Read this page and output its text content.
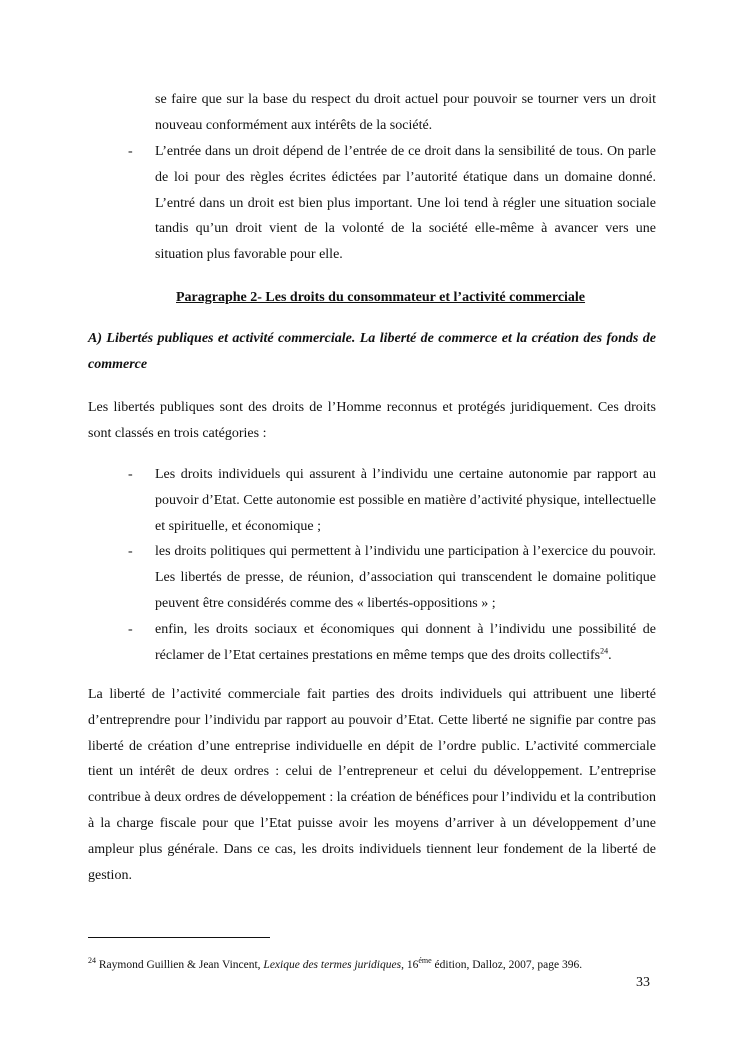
se faire que sur la base du respect du droit actuel pour pouvoir se tourner vers un droit nouveau conformément aux intérêts de la société.

- L’entrée dans un droit dépend de l’entrée de ce droit dans la sensibilité de tous. On parle de loi pour des règles écrites édictées par l’autorité étatique dans un domaine donné. L’entré dans un droit est bien plus important. Une loi tend à régler une situation sociale tandis qu’un droit vient de la volonté de la société elle-même à avancer vers une situation plus favorable pour elle.

Paragraphe 2- Les droits du consommateur et l’activité commerciale

A) Libertés publiques et activité commerciale. La liberté de commerce et la création des fonds de commerce

Les libertés publiques sont des droits de l’Homme reconnus et protégés juridiquement. Ces droits sont classés en trois catégories :

- Les droits individuels qui assurent à l’individu une certaine autonomie par rapport au pouvoir d’Etat. Cette autonomie est possible en matière d’activité physique, intellectuelle et spirituelle, et économique ;

- les droits politiques qui permettent à l’individu une participation à l’exercice du pouvoir. Les libertés de presse, de réunion, d’association qui transcendent le domaine politique peuvent être considérés comme des « libertés-oppositions » ;

- enfin, les droits sociaux et économiques qui donnent à l’individu une possibilité de réclamer de l’Etat certaines prestations en même temps que des droits collectifs$^{24}$.

La liberté de l’activité commerciale fait parties des droits individuels qui attribuent une liberté d’entreprendre pour l’individu par rapport au pouvoir d’Etat. Cette liberté ne signifie par contre pas liberté de création d’une entreprise individuelle en dépit de l’ordre public. L’activité commerciale tient un intérêt de deux ordres : celui de l’entrepreneur et celui du développement. L’entreprise contribue à deux ordres de développement : la création de bénéfices pour l’individu et la contribution à la charge fiscale pour que l’Etat puisse avoir les moyens d’arriver à un développement d’une ampleur plus générale. Dans ce cas, les droits individuels tiennent leur fondement de la liberté de gestion.

$^{24}$ Raymond Guillien & Jean Vincent, Lexique des termes juridiques, $16^{éme}$ édition, Dalloz, 2007, page 396.
33
